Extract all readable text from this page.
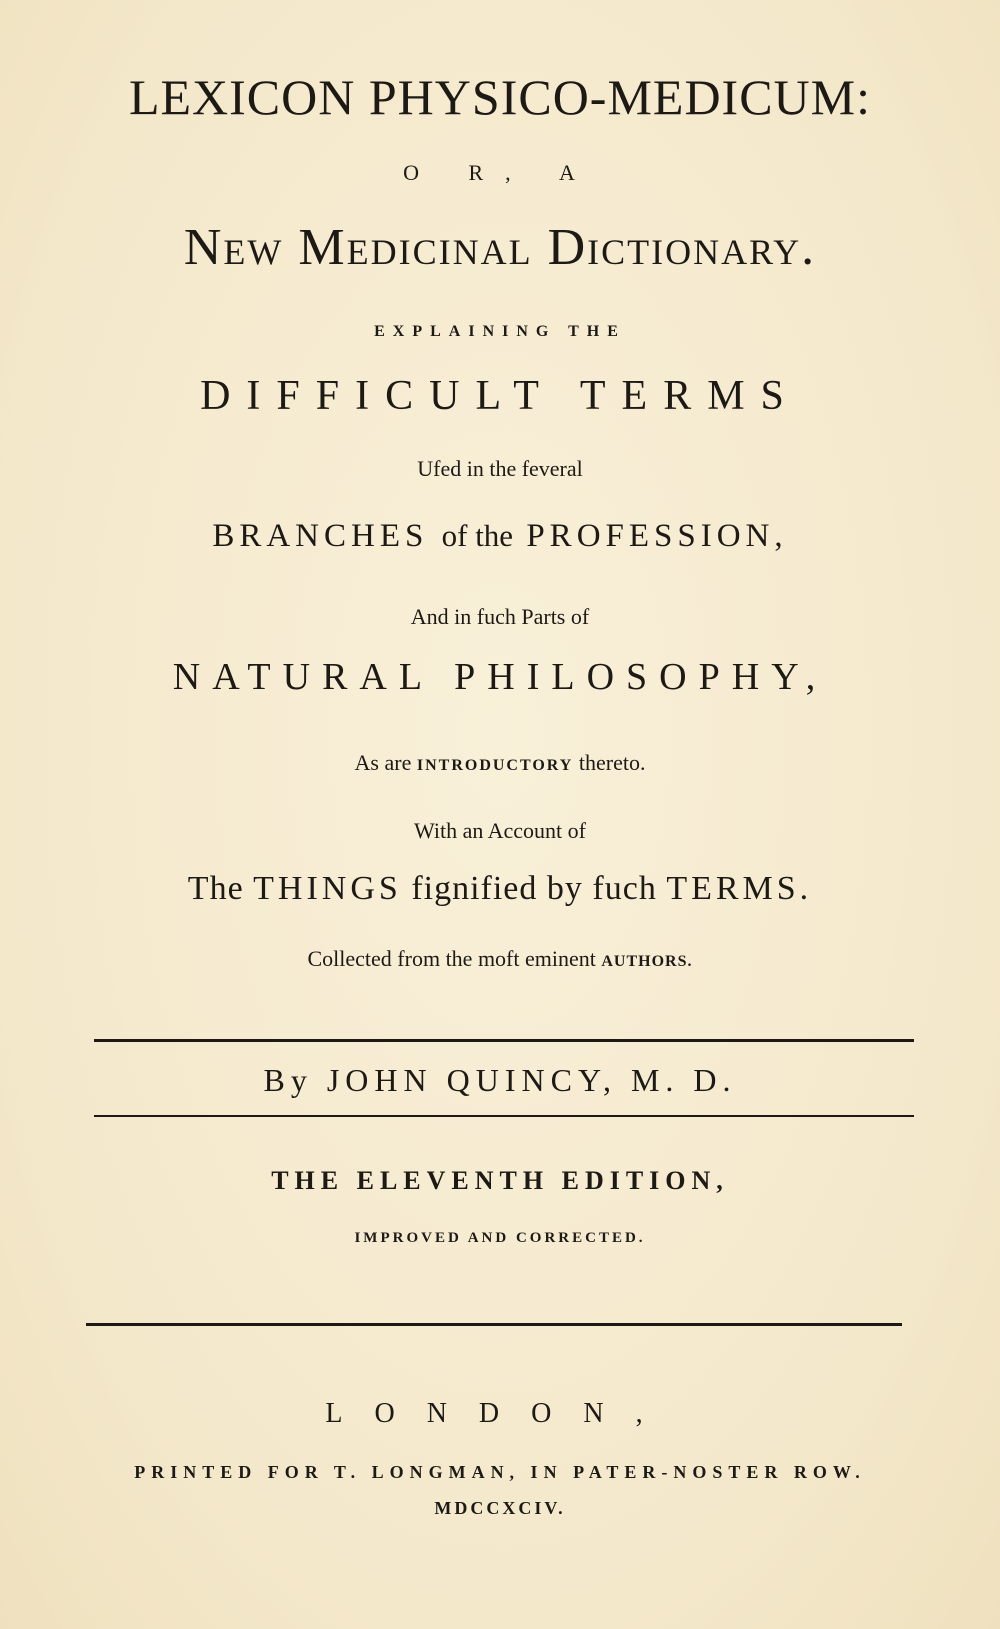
LEXICON PHYSICO-MEDICUM:
O R, A
New Medicinal Dictionary.
EXPLAINING THE
DIFFICULT TERMS
Ufed in the feveral
BRANCHES of the PROFESSION,
And in fuch Parts of
NATURAL PHILOSOPHY,
As are INTRODUCTORY thereto.
With an Account of
The THINGS fignified by fuch TERMS.
Collected from the moft eminent AUTHORS.
By JOHN QUINCY, M. D.
THE ELEVENTH EDITION,
IMPROVED AND CORRECTED.
LONDON,
PRINTED FOR T. LONGMAN, IN PATER-NOSTER ROW.
MDCCXCIV.
